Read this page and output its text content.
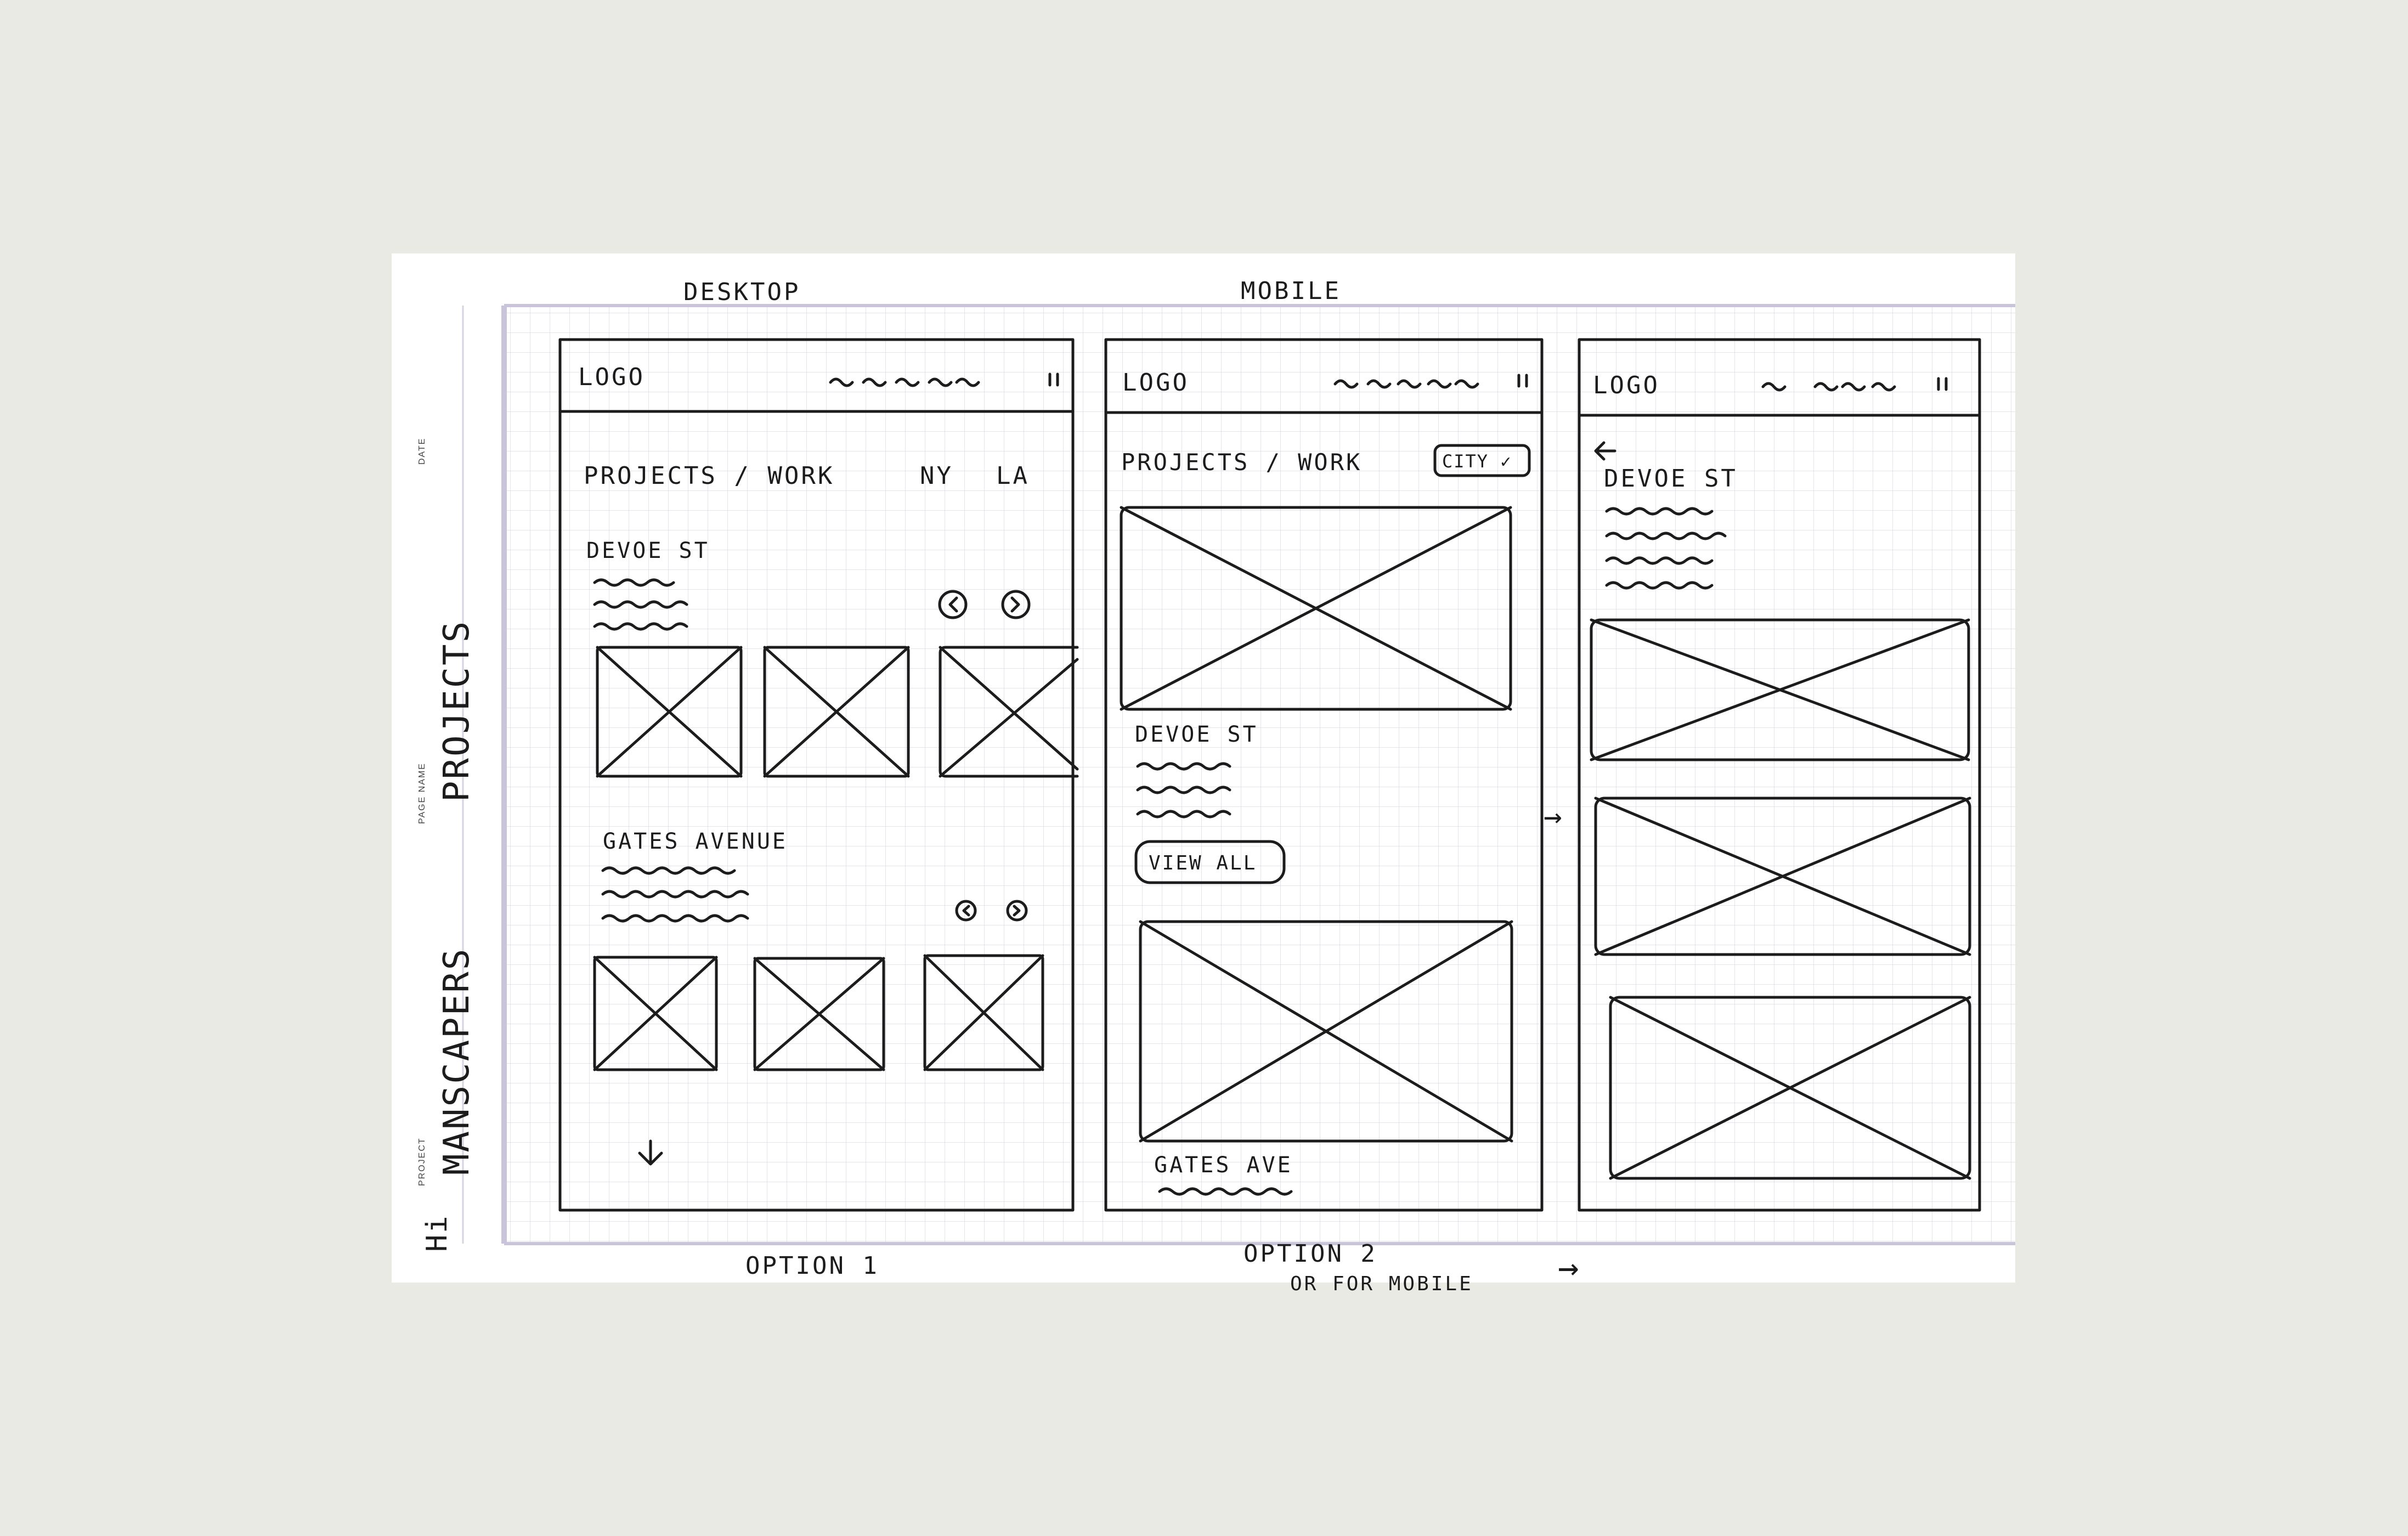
DATE
PAGE NAME PROJECTS
PROJECT MANSCAPERS
Hi
DESKTOP	MOBILE
OPTION 1	OPTION 2
OR FOR MOBILE →
LOGO
PROJECTS / WORK	NY LA
DEVOE ST
GATES AVENUE
LOGO
PROJECTS / WORK	CITY ✓
DEVOE ST
VIEW ALL
GATES AVE
→
LOGO
DEVOE ST
